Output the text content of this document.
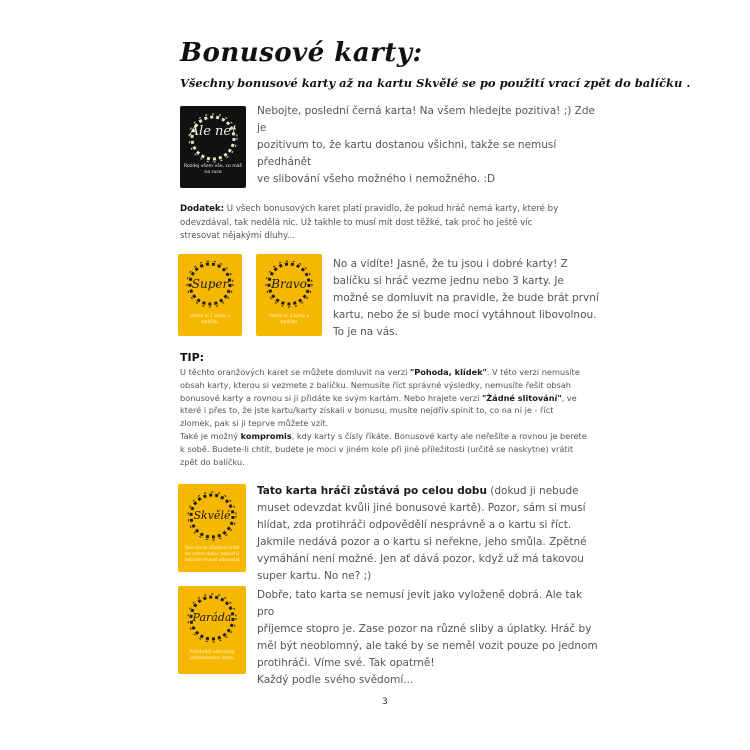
Bonusové karty:
Všechny bonusové karty až na kartu Skvělé se po použití vrací zpět do balíčku .
Ale ne!
Rozdej všem vše, co máš na ruce
Nebojte, poslední černá karta! Na všem hledejte pozitiva! ;) Zde je
pozitivum to, že kartu dostanou všichni, takže se nemusí předhánět
ve slibování všeho možného i nemožného. :D
Dodatek: U všech bonusových karet platí pravidlo, že pokud hráč nemá karty, které by
odevzdával, tak nedělá nic. Už takhle to musí mít dost těžké, tak proč ho ještě víc
stresovat nějakými dluhy...
Super
Vezmi si 1 kartu z balíčku
Bravo
Vezmi si 3 karty z balíčku
No a vidíte! Jasně, že tu jsou i dobré karty! Z
balíčku si hráč vezme jednu nebo 3 karty. Je
možné se domluvit na pravidle, že bude brát první
kartu, nebo že si bude moci vytáhnout libovolnou.
To je na vás.
TIP:
U těchto oranžových karet se můžete domluvit na verzi "Pohoda, klídek". V této verzi nemusíte
obsah karty, kterou si vezmete z balíčku. Nemusíte říct správné výsledky, nemusíte řešit obsah
bonusové karty a rovnou si ji přidáte ke svým kartám. Nebo hrajete verzi "Žádné slitování", ve
které i přes to, že jste kartu/karty získali v bonusu, musíte nejdřív spinit to, co na ní je - říct
zlomek, pak si ji teprve můžete vzít.
Také je možný kompromis, kdy karty s čísly říkáte. Bonusové karty ale neřešíte a rovnou je berete
k sobě. Budete-li chtít, budete je moci v jiném kole při jiné příležitosti (určitě se naskytne) vrátit
zpět do balíčku.
Skvělé
Tato karta zůstává hráči po celou dobu, pokud ji nebude muset odevzdat
Tato karta hráči zůstává po celou dobu (dokud ji nebude
muset odevzdat kvůli jiné bonusové kartě). Pozor, sám si musí
hlídat, zda protihráči odpovědělí nesprávně a o kartu si říct.
Jakmile nedává pozor a o kartu si neřekne, jeho smůla. Zpětné
vymáhání není možné. Jen ať dává pozor, když už má takovou
super kartu. No ne? ;)
Paráda
Protihráči odevzdají požadovanou kartu
Dobře, tato karta se nemusí jevit jako vyloženě dobrá. Ale tak pro
příjemce stopro je. Zase pozor na různé sliby a úplatky. Hráč by
měl být neoblomný, ale také by se neměl vozit pouze po jednom
protihráči. Víme své. Tak opatrně!
Každý podle svého svědomí...
3
